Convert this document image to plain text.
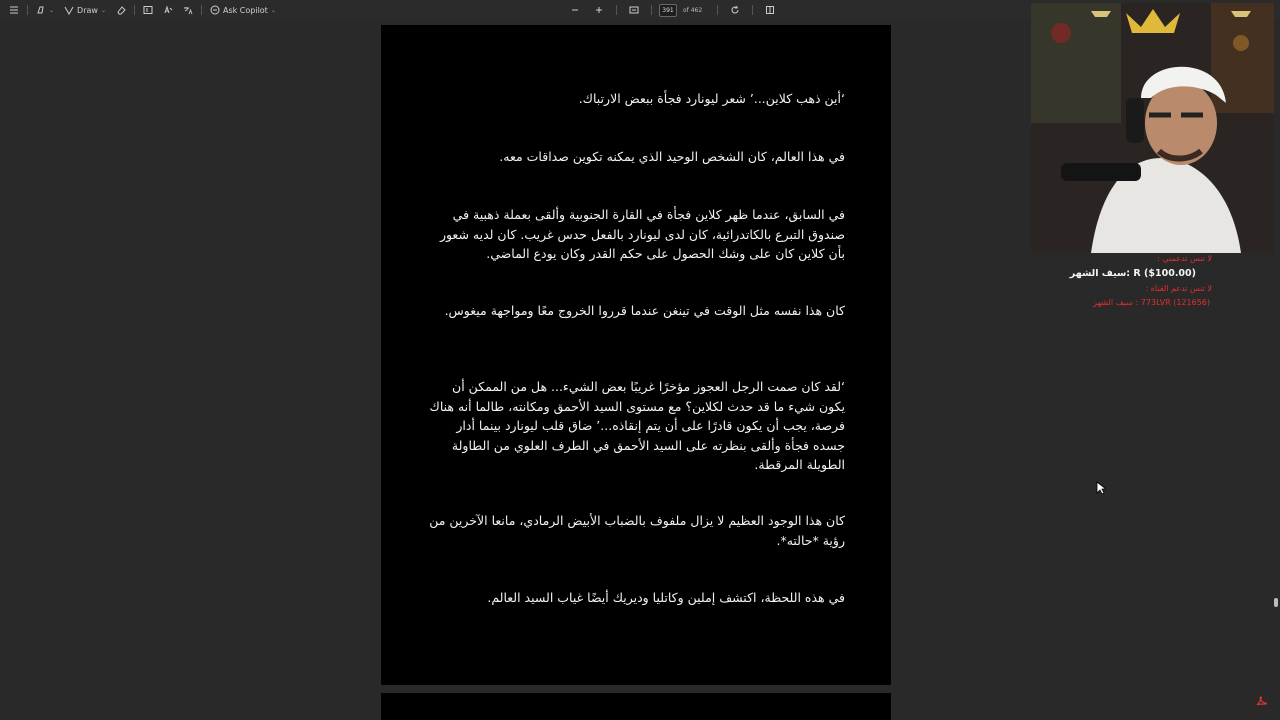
⌄	Draw ⌄	Ask Copilot ⌄	391	of 462

‘أين ذهب كلاين...’ شعر ليونارد فجأة ببعض الارتباك.

في هذا العالم، كان الشخص الوحيد الذي يمكنه تكوين صداقات معه.

في السابق، عندما ظهر كلاين فجأة في القارة الجنوبية وألقى بعملة ذهبية في صندوق التبرع بالكاتدرائية، كان لدى ليونارد بالفعل حدس غريب. كان لديه شعور بأن كلاين كان على وشك الحصول على حكم القدر وكان يودع الماضي.

كان هذا نفسه مثل الوقت في تينغن عندما قرروا الخروج معًا ومواجهة ميغوس.

‘لقد كان صمت الرجل العجوز مؤخرًا غريبًا بعض الشيء... هل من الممكن أن يكون شيء ما قد حدث لكلاين؟ مع مستوى السيد الأحمق ومكانته، طالما أنه هناك فرصة، يجب أن يكون قادرًا على أن يتم إنقاذه...’ ضاق قلب ليونارد بينما أدار جسده فجأة وألقى بنظرته على السيد الأحمق في الطرف العلوي من الطاولة الطويلة المرقطة.

كان هذا الوجود العظيم لا يزال ملفوف بالضباب الأبيض الرمادي، مانعا الآخرين من رؤية *حالته*.

في هذه اللحظة، اكتشف إملين وكاتليا وديريك أيضًا غياب السيد العالم.

لا تنس تدعمني :
R ($100.00) :سيف الشهر
لا تنس تدعم القناة :
773LVR (121656) : سيف الشهر
